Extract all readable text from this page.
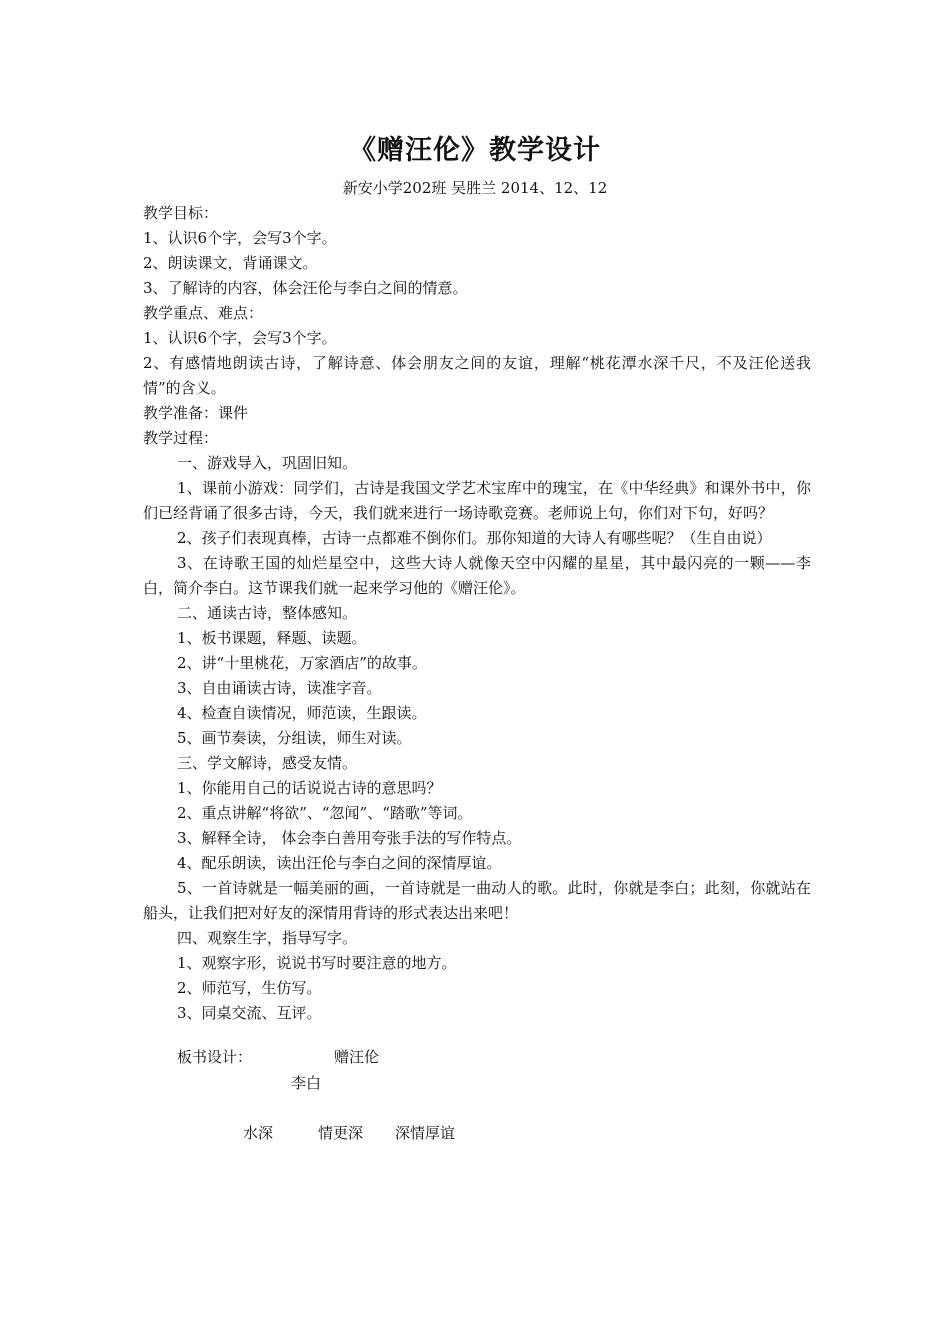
《赠汪伦》教学设计
新安小学202班 吴胜兰 2014、12、12

教学目标：

1、认识6个字，会写3个字。

2、朗读课文，背诵课文。

3、了解诗的内容，体会汪伦与李白之间的情意。

教学重点、难点：

1、认识6个字，会写3个字。

2、有感情地朗读古诗，了解诗意、体会朋友之间的友谊，理解“桃花潭水深千尺，不及汪伦送我情”的含义。

教学准备：课件

教学过程：

一、游戏导入，巩固旧知。

1、课前小游戏：同学们，古诗是我国文学艺术宝库中的瑰宝，在《中华经典》和课外书中，你们已经背诵了很多古诗，今天，我们就来进行一场诗歌竞赛。老师说上句，你们对下句，好吗？

2、孩子们表现真棒，古诗一点都难不倒你们。那你知道的大诗人有哪些呢？（生自由说）

3、在诗歌王国的灿烂星空中，这些大诗人就像天空中闪耀的星星，其中最闪亮的一颗——李白，简介李白。这节课我们就一起来学习他的《赠汪伦》。

二、通读古诗，整体感知。

1、板书课题，释题、读题。

2、讲“十里桃花，万家酒店”的故事。

3、自由诵读古诗，读准字音。

4、检查自读情况，师范读，生跟读。

5、画节奏读，分组读，师生对读。

三、学文解诗，感受友情。

1、你能用自己的话说说古诗的意思吗？

2、重点讲解“将欲”、“忽闻”、“踏歌”等词。

3、解释全诗， 体会李白善用夸张手法的写作特点。

4、配乐朗读，读出汪伦与李白之间的深情厚谊。

5、一首诗就是一幅美丽的画，一首诗就是一曲动人的歌。此时，你就是李白；此刻，你就站在船头，让我们把对好友的深情用背诗的形式表达出来吧！

四、观察生字，指导写字。

1、观察字形，说说书写时要注意的地方。

2、师范写，生仿写。

3、同桌交流、互评。

板书设计：	赠汪伦
李白
水深	情更深 深情厚谊
